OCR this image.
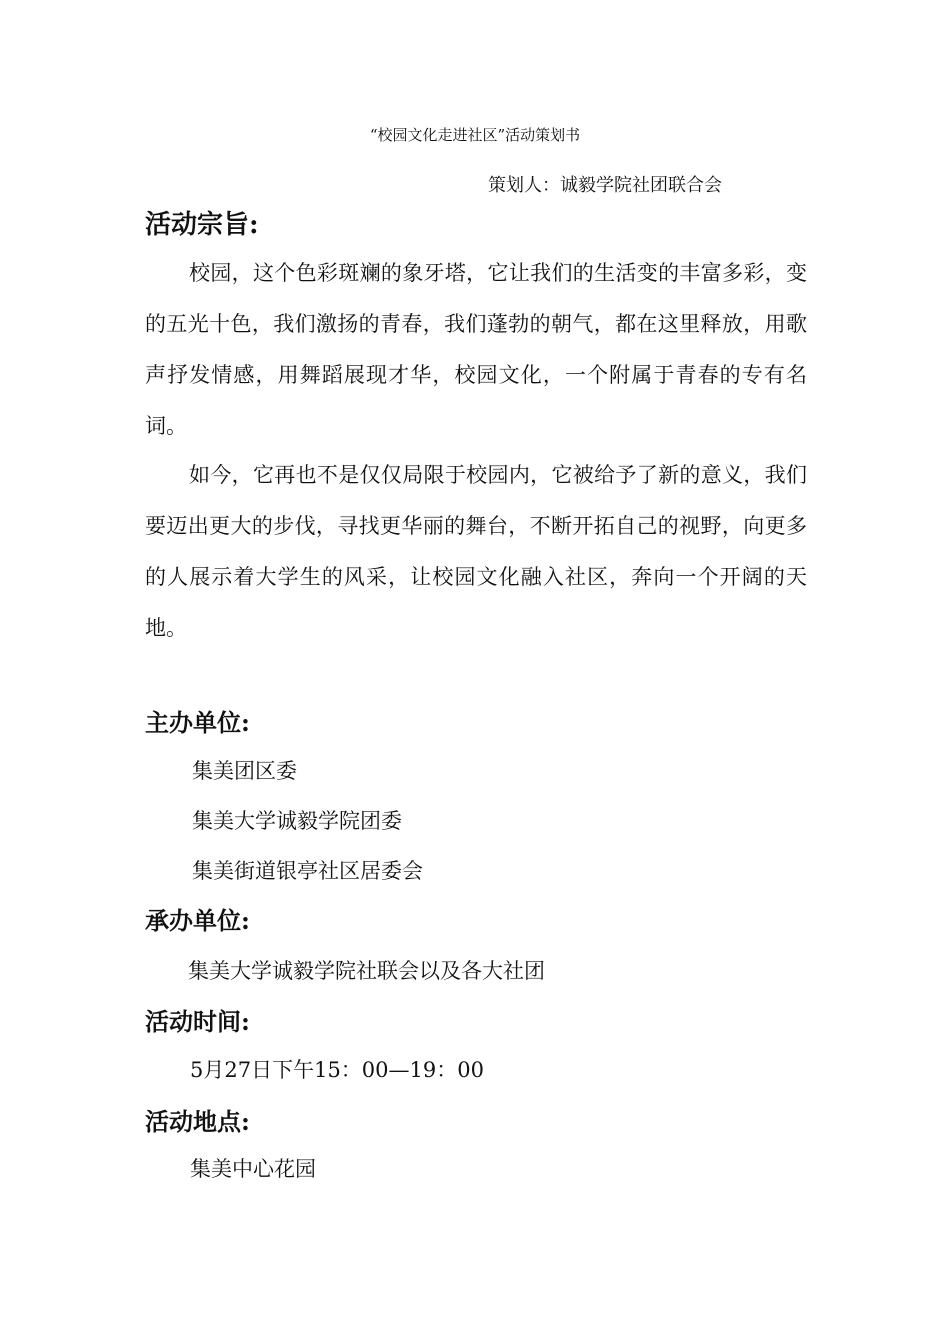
“校园文化走进社区”活动策划书

策划人：诚毅学院社团联合会

活动宗旨:

校园，这个色彩斑斓的象牙塔，它让我们的生活变的丰富多彩，变的五光十色，我们激扬的青春，我们蓬勃的朝气，都在这里释放，用歌声抒发情感，用舞蹈展现才华，校园文化，一个附属于青春的专有名词。

如今，它再也不是仅仅局限于校园内，它被给予了新的意义，我们要迈出更大的步伐，寻找更华丽的舞台，不断开拓自己的视野，向更多的人展示着大学生的风采，让校园文化融入社区，奔向一个开阔的天地。

主办单位:

集美团区委

集美大学诚毅学院团委

集美街道银亭社区居委会

承办单位:

集美大学诚毅学院社联会以及各大社团

活动时间:

5月27日下午15：00—19：00

活动地点:

集美中心花园
